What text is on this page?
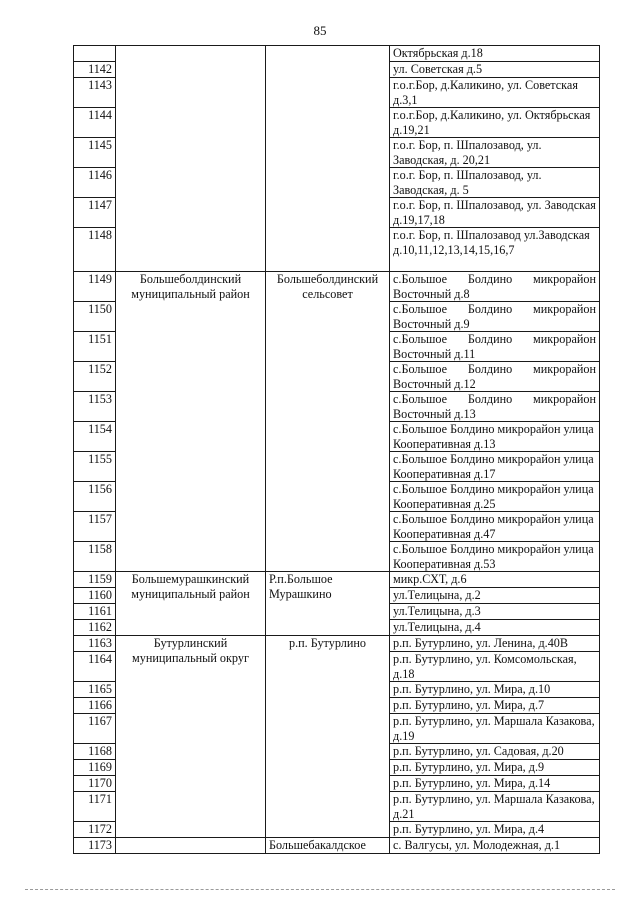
85
			Октябрьская д.18
1142			ул. Советская д.5
1143			г.о.г.Бор, д.Каликино, ул. Советская д.3,1
1144			г.о.г.Бор, д.Каликино, ул. Октябрьская д.19,21
1145			г.о.г. Бор, п. Шпалозавод, ул. Заводская, д. 20,21
1146			г.о.г. Бор, п. Шпалозавод, ул. Заводская, д. 5
1147			г.о.г. Бор, п. Шпалозавод, ул. Заводская д.19,17,18
1148			г.о.г. Бор, п. Шпалозавод ул.Заводская д.10,11,12,13,14,15,16,7
1149	Большеболдинский муниципальный район	Большеболдинский сельсовет	с.Большое Болдино микрорайон Восточный д.8
1150			с.Большое Болдино микрорайон Восточный д.9
1151			с.Большое Болдино микрорайон Восточный д.11
1152			с.Большое Болдино микрорайон Восточный д.12
1153			с.Большое Болдино микрорайон Восточный д.13
1154			с.Большое Болдино микрорайон улица Кооперативная д.13
1155			с.Большое Болдино микрорайон улица Кооперативная д.17
1156			с.Большое Болдино микрорайон улица Кооперативная д.25
1157			с.Большое Болдино микрорайон улица Кооперативная д.47
1158			с.Большое Болдино микрорайон улица Кооперативная д.53
1159	Большемурашкинский муниципальный район	Р.п.Большое Мурашкино	микр.СХТ, д.6
1160			ул.Телицына, д.2
1161			ул.Телицына, д.3
1162			ул.Телицына, д.4
1163	Бутурлинский муниципальный округ	р.п. Бутурлино	р.п. Бутурлино, ул. Ленина, д.40В
1164			р.п. Бутурлино, ул. Комсомольская, д.18
1165			р.п. Бутурлино, ул. Мира, д.10
1166			р.п. Бутурлино, ул. Мира, д.7
1167			р.п. Бутурлино, ул. Маршала Казакова, д.19
1168			р.п. Бутурлино, ул. Садовая, д.20
1169			р.п. Бутурлино, ул. Мира, д.9
1170			р.п. Бутурлино, ул. Мира, д.14
1171			р.п. Бутурлино, ул. Маршала Казакова, д.21
1172			р.п. Бутурлино, ул. Мира, д.4
1173		Большебакалдское	с. Валгусы, ул. Молодежная, д.1
